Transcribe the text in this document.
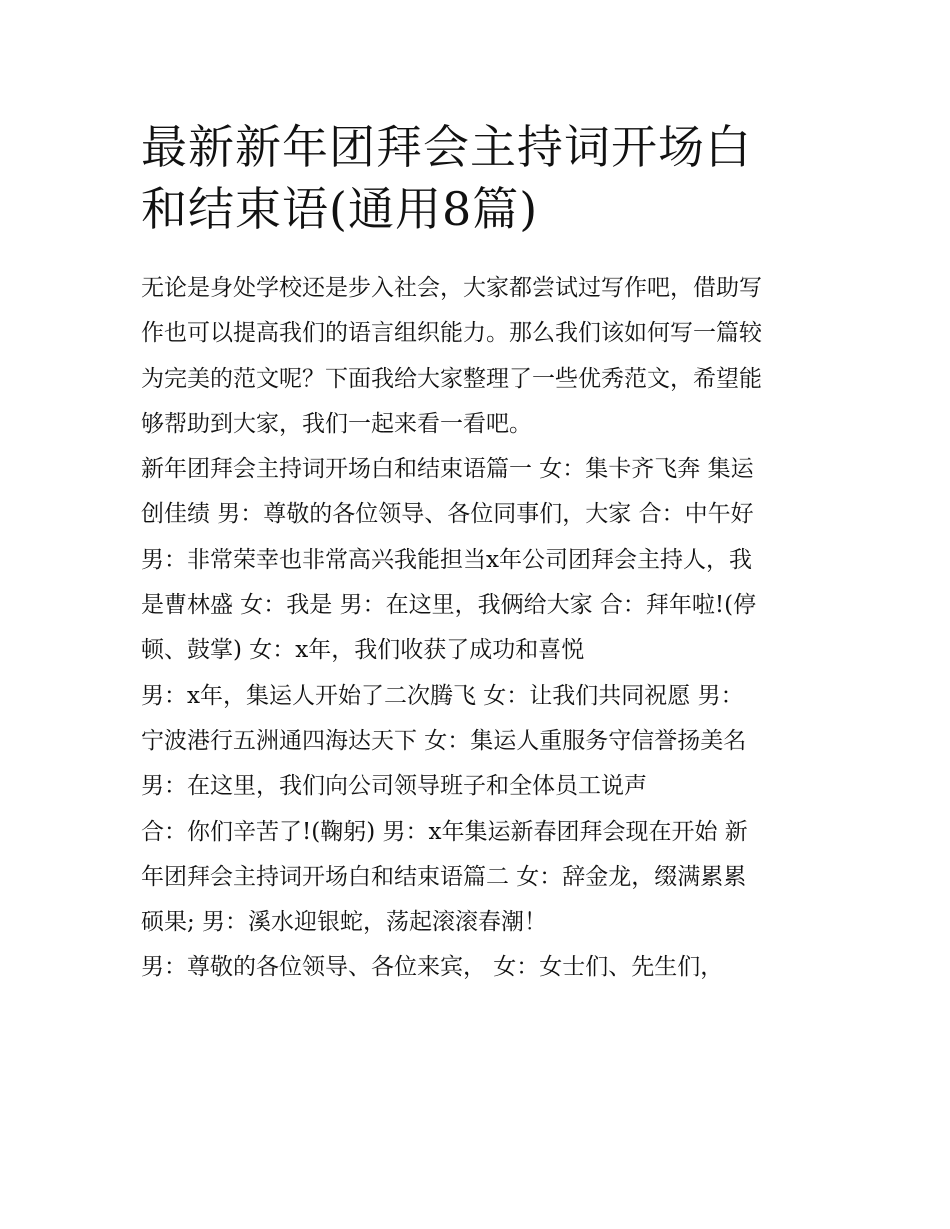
最新新年团拜会主持词开场白
和结束语(通用8篇)
无论是身处学校还是步入社会，大家都尝试过写作吧，借助写
作也可以提高我们的语言组织能力。那么我们该如何写一篇较
为完美的范文呢？下面我给大家整理了一些优秀范文，希望能
够帮助到大家，我们一起来看一看吧。
新年团拜会主持词开场白和结束语篇一 女：集卡齐飞奔 集运
创佳绩 男：尊敬的各位领导、各位同事们，大家 合：中午好
男：非常荣幸也非常高兴我能担当x年公司团拜会主持人，我
是曹林盛 女：我是 男：在这里，我俩给大家 合：拜年啦!(停
顿、鼓掌) 女：x年，我们收获了成功和喜悦
男：x年，集运人开始了二次腾飞 女：让我们共同祝愿 男：
宁波港行五洲通四海达天下 女：集运人重服务守信誉扬美名
男：在这里，我们向公司领导班子和全体员工说声
合：你们辛苦了!(鞠躬) 男：x年集运新春团拜会现在开始 新
年团拜会主持词开场白和结束语篇二 女：辞金龙，缀满累累
硕果; 男：溪水迎银蛇，荡起滚滚春潮！
男：尊敬的各位领导、各位来宾， 女：女士们、先生们，
